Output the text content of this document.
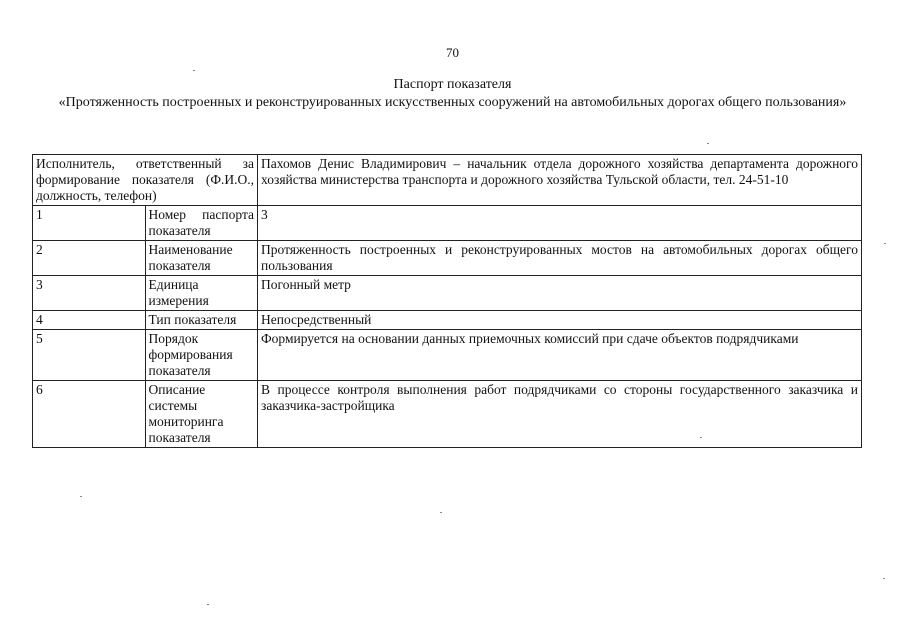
70
Паспорт показателя
«Протяженность построенных и реконструированных искусственных сооружений на автомобильных дорогах общего пользования»
Исполнитель, ответственный за формирование показателя (Ф.И.О., должность, телефон)		Пахомов Денис Владимирович – начальник отдела дорожного хозяйства департамента дорожного хозяйства министерства транспорта и дорожного хозяйства Тульской области, тел. 24-51-10
1	Номер паспорта показателя	3
2	Наименование показателя	Протяженность построенных и реконструированных мостов на автомобильных дорогах общего пользования
3	Единица измерения	Погонный метр
4	Тип показателя	Непосредственный
5	Порядок формирования показателя	Формируется на основании данных приемочных комиссий при сдаче объектов подрядчиками
6	Описание системы мониторинга показателя	В процессе контроля выполнения работ подрядчиками со стороны государственного заказчика и заказчика-застройщика
